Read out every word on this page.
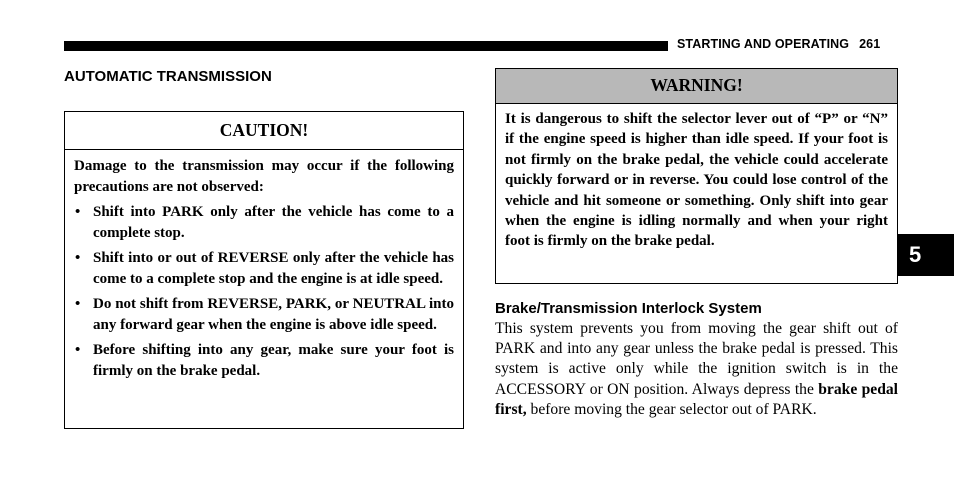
STARTING AND OPERATING 261
AUTOMATIC TRANSMISSION
CAUTION!

Damage to the transmission may occur if the following precautions are not observed:

• Shift into PARK only after the vehicle has come to a complete stop.
• Shift into or out of REVERSE only after the vehicle has come to a complete stop and the engine is at idle speed.
• Do not shift from REVERSE, PARK, or NEUTRAL into any forward gear when the engine is above idle speed.
• Before shifting into any gear, make sure your foot is firmly on the brake pedal.
WARNING!
It is dangerous to shift the selector lever out of “P” or “N” if the engine speed is higher than idle speed. If your foot is not firmly on the brake pedal, the vehicle could accelerate quickly forward or in reverse. You could lose control of the vehicle and hit someone or something. Only shift into gear when the engine is idling normally and when your right foot is firmly on the brake pedal.
Brake/Transmission Interlock System
This system prevents you from moving the gear shift out of PARK and into any gear unless the brake pedal is pressed. This system is active only while the ignition switch is in the ACCESSORY or ON position. Always depress the brake pedal first, before moving the gear selector out of PARK.
5
